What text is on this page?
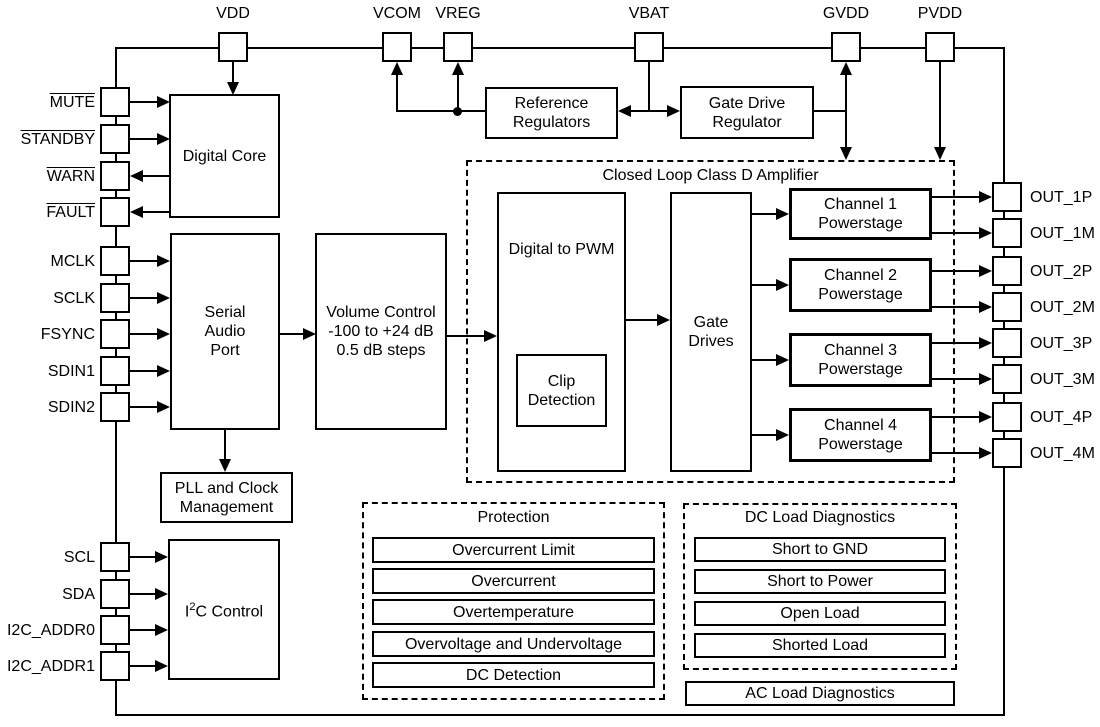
Closed Loop Class D Amplifier
Protection	DC Load Diagnostics
Digital Core
Serial
Audio
Port
Volume Control
-100 to +24 dB
0.5 dB steps
PLL and Clock
Management
$I^2C$ Control
Reference
Regulators
Gate Drive
Regulator
Digital to PWM
Clip
Detection
Gate
Drives
Channel 1
Powerstage
Channel 2
Powerstage
Channel 3
Powerstage
Channel 4
Powerstage
Overcurrent Limit
Overcurrent
Overtemperature
Overvoltage and Undervoltage
DC Detection
Short to GND
Short to Power
Open Load
Shorted Load
AC Load Diagnostics
VDD	VCOM VREG	VBAT	GVDD	PVDD
MUTE
STANDBY
WARN
FAULT
MCLK
SCLK
FSYNC
SDIN1
SDIN2
SCL
SDA
I2C_ADDR0
I2C_ADDR1
OUT_1P
OUT_1M
OUT_2P
OUT_2M
OUT_3P
OUT_3M
OUT_4P
OUT_4M
